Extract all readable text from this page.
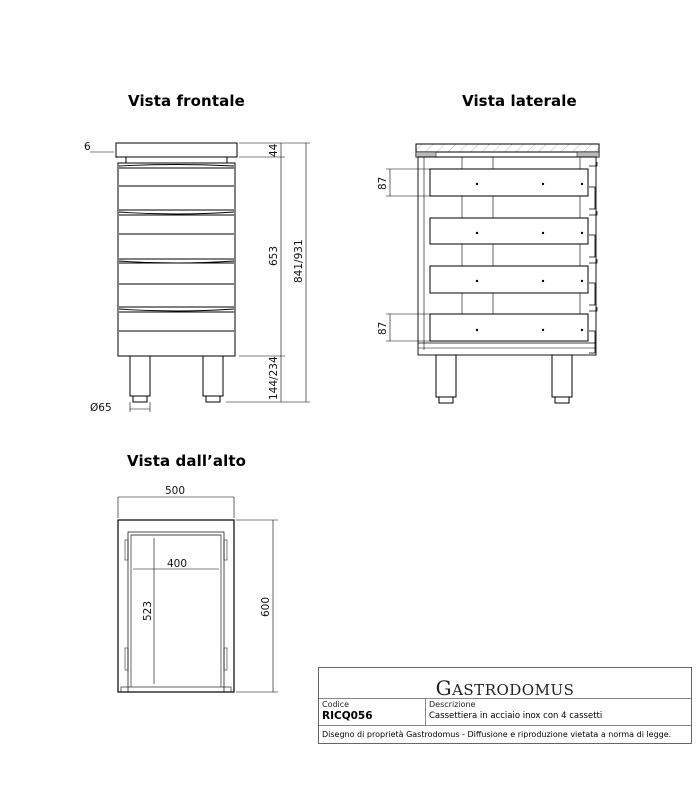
Vista frontale	Vista laterale
Vista dall’alto
6	44
653 841/931
144/234
Ø65
87
87
500
600
400
523
GASTRODOMUS
Codice
RICQ056
Descrizione
Cassettiera in acciaio inox con 4 cassetti
Disegno di proprietà Gastrodomus - Diffusione e riproduzione vietata a norma di legge.
